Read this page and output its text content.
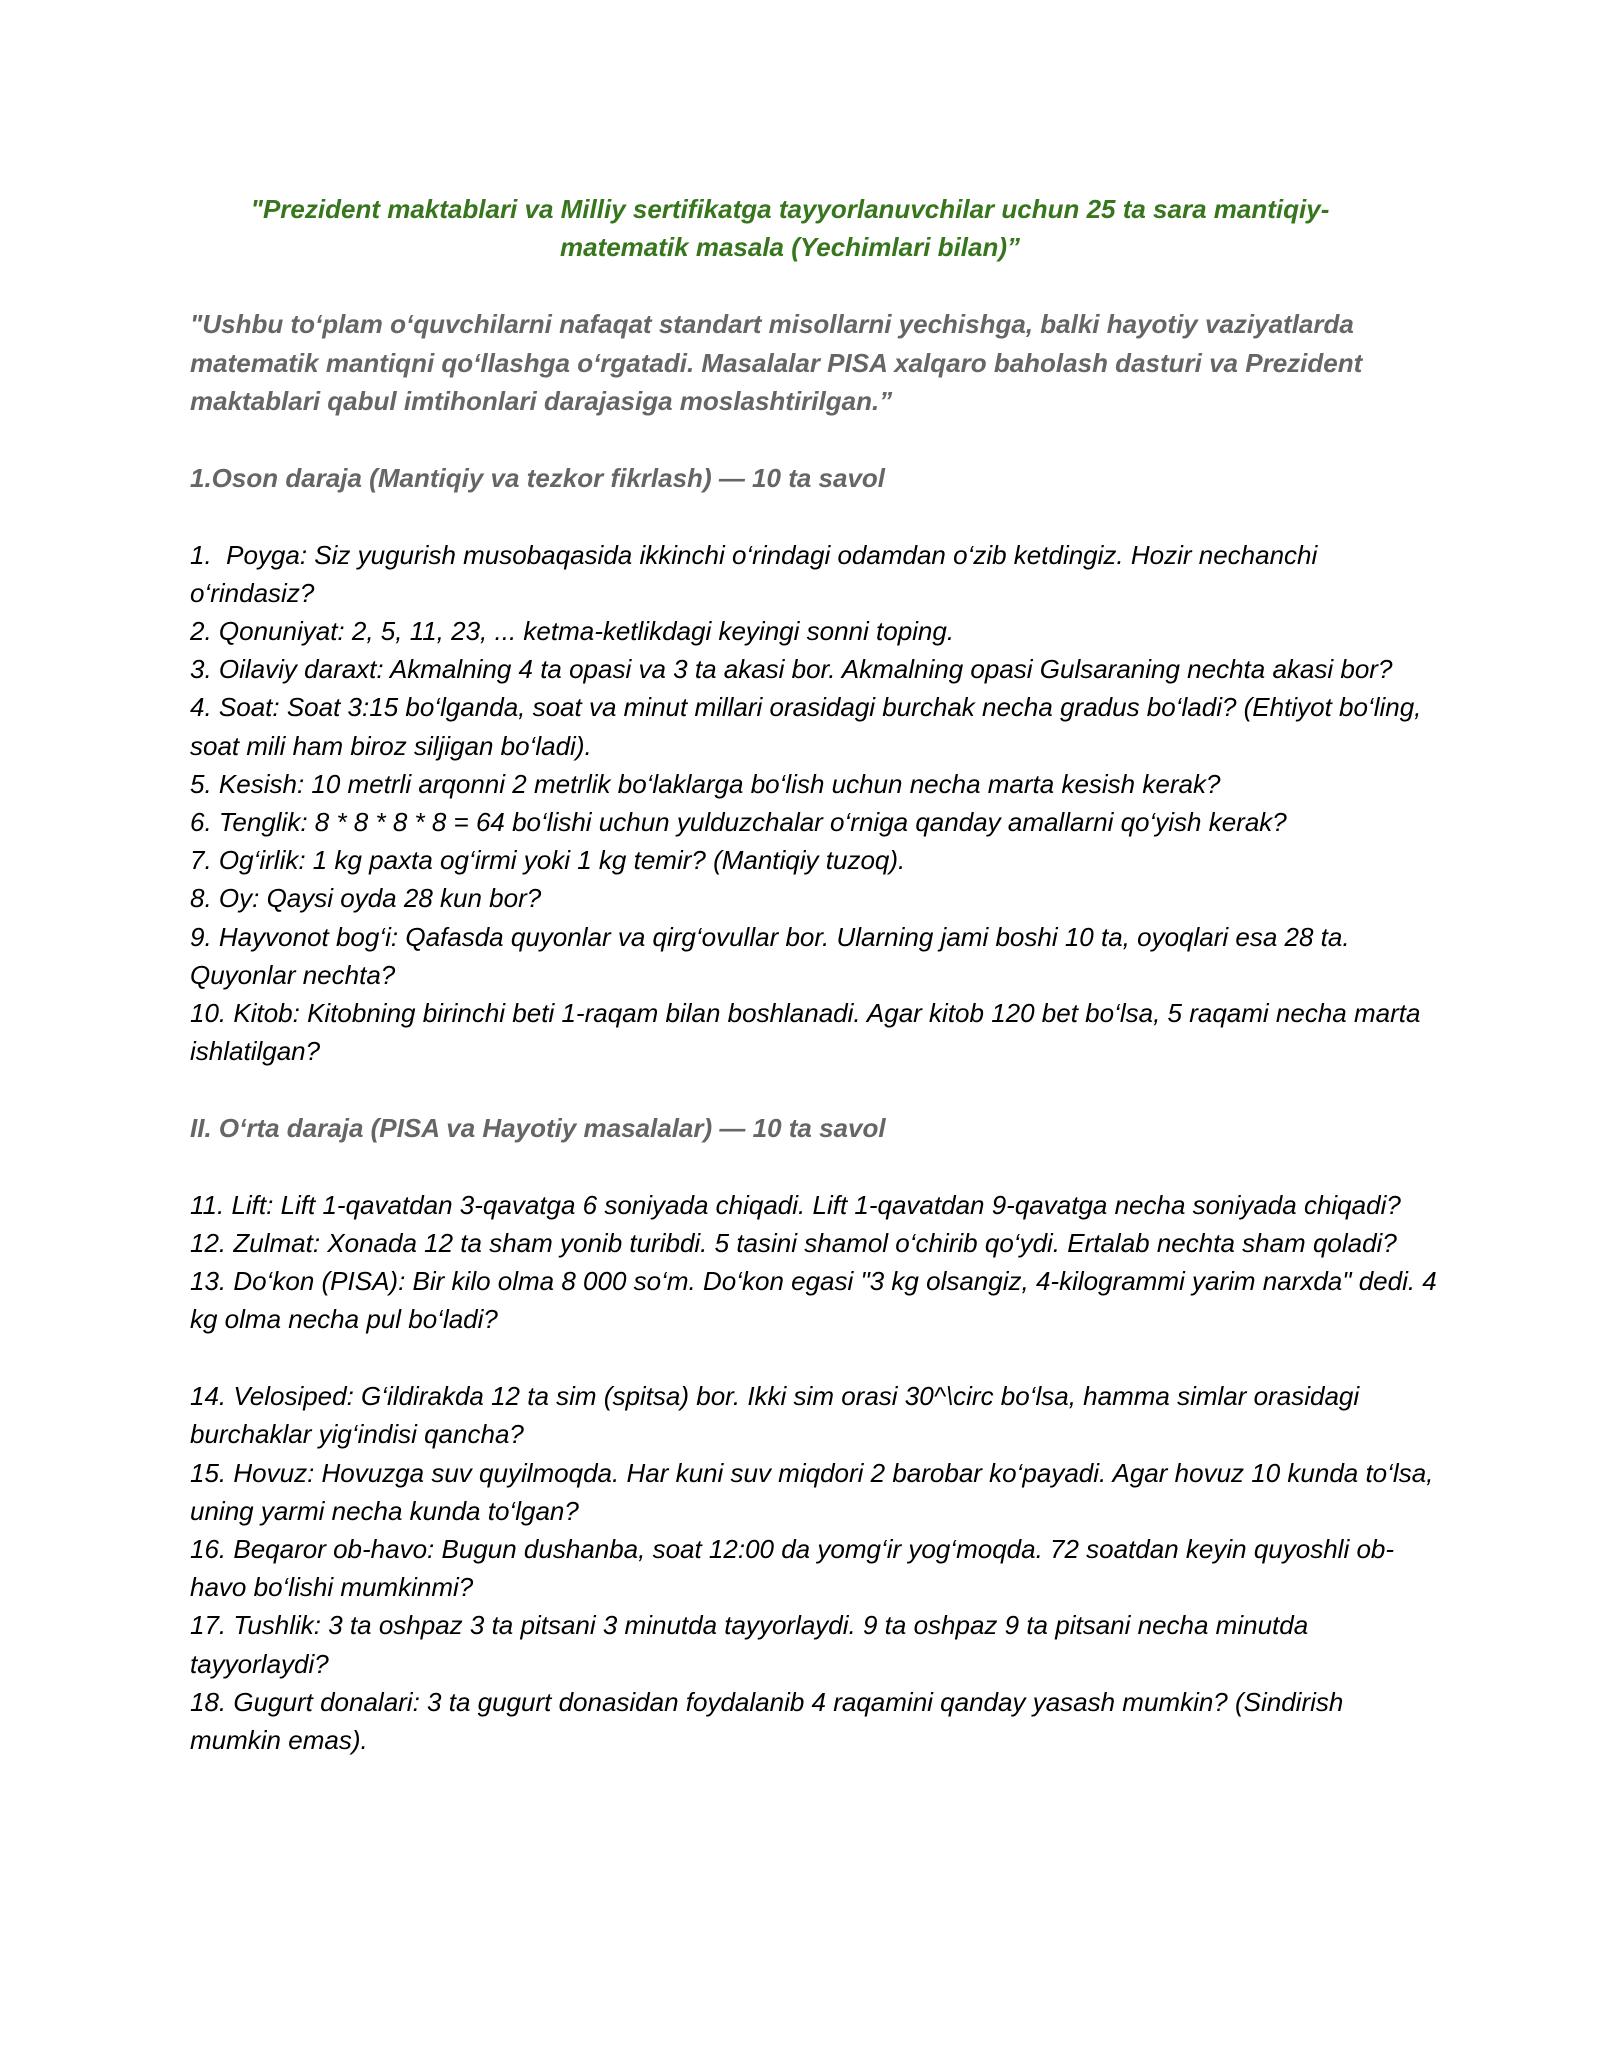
"Prezident maktablari va Milliy sertifikatga tayyorlanuvchilar uchun 25 ta sara mantiqiy-matematik masala (Yechimlari bilan)”
"Ushbu to‘plam o‘quvchilarni nafaqat standart misollarni yechishga, balki hayotiy vaziyatlarda matematik mantiqni qo‘llashga o‘rgatadi. Masalalar PISA xalqaro baholash dasturi va Prezident maktablari qabul imtihonlari darajasiga moslashtirilgan.”
1.Oson daraja (Mantiqiy va tezkor fikrlash) — 10 ta savol
1.  Poyga: Siz yugurish musobaqasida ikkinchi o‘rindagi odamdan o‘zib ketdingiz. Hozir nechanchi o‘rindasiz?
2. Qonuniyat: 2, 5, 11, 23, ... ketma-ketlikdagi keyingi sonni toping.
3. Oilaviy daraxt: Akmalning 4 ta opasi va 3 ta akasi bor. Akmalning opasi Gulsaraning nechta akasi bor?
4. Soat: Soat 3:15 bo‘lganda, soat va minut millari orasidagi burchak necha gradus bo‘ladi? (Ehtiyot bo‘ling, soat mili ham biroz siljigan bo‘ladi).
5. Kesish: 10 metrli arqonni 2 metrlik bo‘laklarga bo‘lish uchun necha marta kesish kerak?
6. Tenglik: 8 * 8 * 8 * 8 = 64 bo‘lishi uchun yulduzchalar o‘rniga qanday amallarni qo‘yish kerak?
7. Og‘irlik: 1 kg paxta og‘irmi yoki 1 kg temir? (Mantiqiy tuzoq).
8. Oy: Qaysi oyda 28 kun bor?
9. Hayvonot bog‘i: Qafasda quyonlar va qirg‘ovullar bor. Ularning jami boshi 10 ta, oyoqlari esa 28 ta. Quyonlar nechta?
10. Kitob: Kitobning birinchi beti 1-raqam bilan boshlanadi. Agar kitob 120 bet bo‘lsa, 5 raqami necha marta ishlatilgan?
II. O‘rta daraja (PISA va Hayotiy masalalar) — 10 ta savol
11. Lift: Lift 1-qavatdan 3-qavatga 6 soniyada chiqadi. Lift 1-qavatdan 9-qavatga necha soniyada chiqadi?
12. Zulmat: Xonada 12 ta sham yonib turibdi. 5 tasini shamol o‘chirib qo‘ydi. Ertalab nechta sham qoladi?
13. Do‘kon (PISA): Bir kilo olma 8 000 so‘m. Do‘kon egasi "3 kg olsangiz, 4-kilogrammi yarim narxda" dedi. 4 kg olma necha pul bo‘ladi?
14. Velosiped: G‘ildirakda 12 ta sim (spitsa) bor. Ikki sim orasi 30^\circ bo‘lsa, hamma simlar orasidagi burchaklar yig‘indisi qancha?
15. Hovuz: Hovuzga suv quyilmoqda. Har kuni suv miqdori 2 barobar ko‘payadi. Agar hovuz 10 kunda to‘lsa, uning yarmi necha kunda to‘lgan?
16. Beqaror ob-havo: Bugun dushanba, soat 12:00 da yomg‘ir yog‘moqda. 72 soatdan keyin quyoshli ob-havo bo‘lishi mumkinmi?
17. Tushlik: 3 ta oshpaz 3 ta pitsani 3 minutda tayyorlaydi. 9 ta oshpaz 9 ta pitsani necha minutda tayyorlaydi?
18. Gugurt donalari: 3 ta gugurt donasidan foydalanib 4 raqamini qanday yasash mumkin? (Sindirish mumkin emas).
